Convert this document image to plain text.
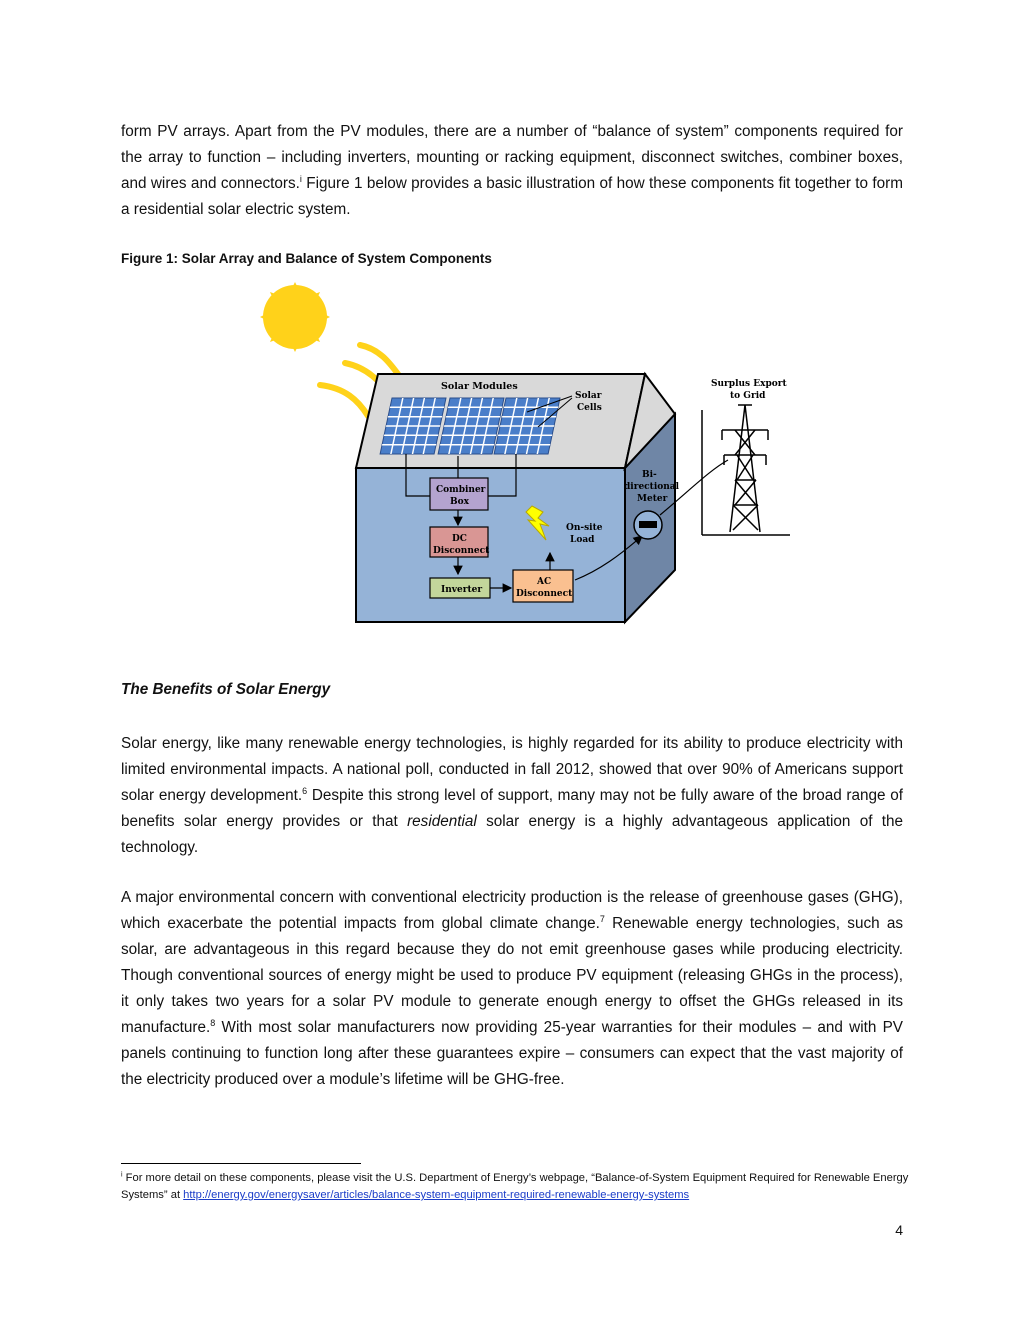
form PV arrays. Apart from the PV modules, there are a number of “balance of system” components required for the array to function – including inverters, mounting or racking equipment, disconnect switches, combiner boxes, and wires and connectors.$^i$ Figure 1 below provides a basic illustration of how these components fit together to form a residential solar electric system.

Figure 1: Solar Array and Balance of System Components
Solar Modules
Solar
Cells
Combiner
Box
DC
Disconnect
Inverter
AC
Disconnect
On-site
Load
Bi-
directional
Meter
Surplus Export
to Grid
The Benefits of Solar Energy

Solar energy, like many renewable energy technologies, is highly regarded for its ability to produce electricity with limited environmental impacts. A national poll, conducted in fall 2012, showed that over 90% of Americans support solar energy development.$^6$ Despite this strong level of support, many may not be fully aware of the broad range of benefits solar energy provides or that residential solar energy is a highly advantageous application of the technology.

A major environmental concern with conventional electricity production is the release of greenhouse gases (GHG), which exacerbate the potential impacts from global climate change.$^7$ Renewable energy technologies, such as solar, are advantageous in this regard because they do not emit greenhouse gases while producing electricity. Though conventional sources of energy might be used to produce PV equipment (releasing GHGs in the process), it only takes two years for a solar PV module to generate enough energy to offset the GHGs released in its manufacture.$^8$ With most solar manufacturers now providing 25-year warranties for their modules – and with PV panels continuing to function long after these guarantees expire – consumers can expect that the vast majority of the electricity produced over a module’s lifetime will be GHG-free.

$^i$ For more detail on these components, please visit the U.S. Department of Energy’s webpage, “Balance-of-System Equipment Required for Renewable Energy Systems” at http://energy.gov/energysaver/articles/balance-system-equipment-required-renewable-energy-systems

4
